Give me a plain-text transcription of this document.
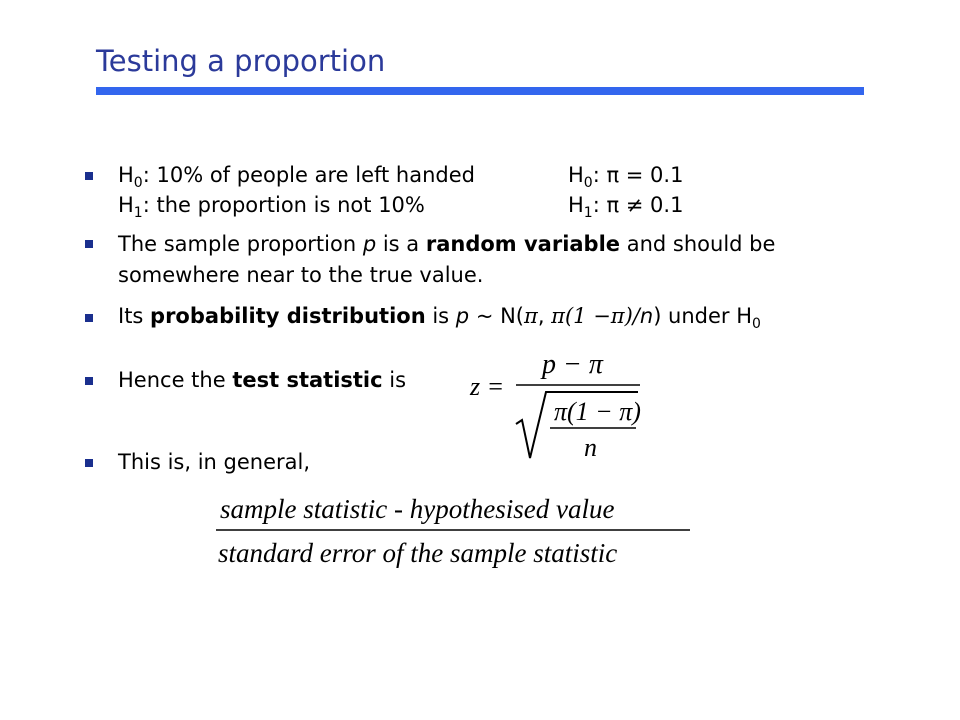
Testing a proportion
$H_0$: 10% of people are left handed
$H_1$: the proportion is not 10%
$H_0$: π = 0.1
$H_1$: π ≠ 0.1
The sample proportion p is a random variable and should be
somewhere near to the true value.
Its probability distribution is p ~ N(π, π(1 −π)/n) under $H_0$
Hence the test statistic is z =
p − π
π(1 − π)
n
This is, in general,
sample statistic - hypothesised value
standard error of the sample statistic
